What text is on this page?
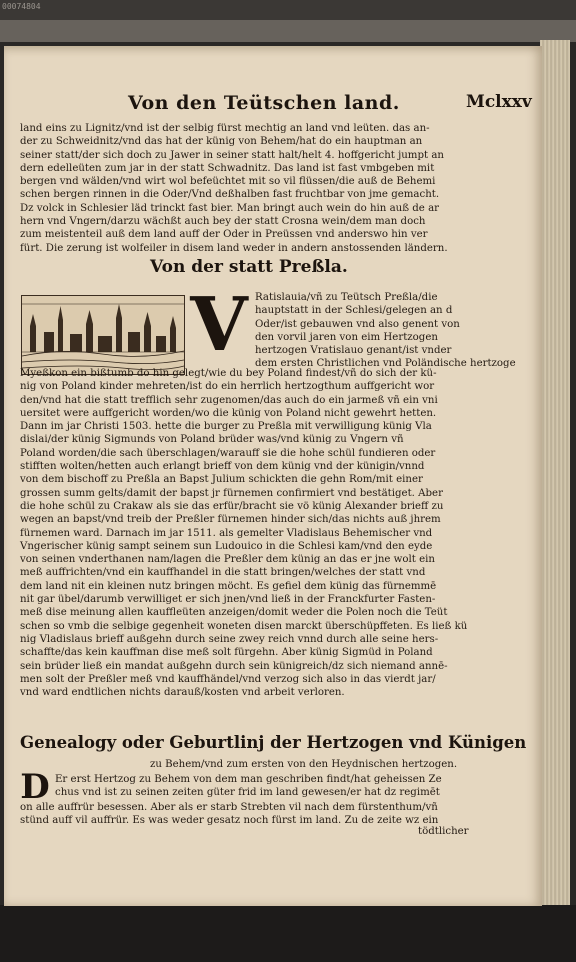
00074804
Von den Teütschen land.	Mclxxv
land eins zu Lignitz/vnd ist der selbig fürst mechtig an land vnd leüten. das an-
der zu Schweidnitz/vnd das hat der künig von Behem/hat do ein hauptman an
seiner statt/der sich doch zu Jawer in seiner statt halt/helt 4. hoffgericht jumpt an
dern edelleüten zum jar in der statt Schwadnitz. Das land ist fast vmbgeben mit
bergen vnd wälden/vnd wirt wol befeüchtet mit so vil flüssen/die auß de Behemi
schen bergen rinnen in die Oder/Vnd deßhalben fast fruchtbar von jme gemacht.
Dz volck in Schlesier läd trinckt fast bier. Man bringt auch wein do hin auß de ar
hern vnd Vngern/darzu wächßt auch bey der statt Crosna wein/dem man doch
zum meistenteil auß dem land auff der Oder in Preüssen vnd anderswo hin ver
fürt. Die zerung ist wolfeiler in disem land weder in andern anstossenden ländern.
Von der statt Preßla.
V Ratislauia/vñ zu Teütsch Preßla/die
hauptstatt in der Schlesi/gelegen an d
Oder/ist gebauwen vnd also genent von
den vorvil jaren von eim Hertzogen
hertzogen Vratislauo genant/ist vnder
dem ersten Christlichen vnd Poländische hertzoge
Myeßkon ein bißtumb do hin gelegt/wie du bey Poland findest/vñ do sich der kü-
nig von Poland kinder mehreten/ist do ein herrlich hertzogthum auffgericht wor
den/vnd hat die statt trefflich sehr zugenomen/das auch do ein jarmeß vñ ein vni
uersitet were auffgericht worden/wo die künig von Poland nicht gewehrt hetten.
Dann im jar Christi 1503. hette die burger zu Preßla mit verwilligung künig Vla
dislai/der künig Sigmunds von Poland brüder was/vnd künig zu Vngern vñ
Poland worden/die sach überschlagen/warauff sie die hohe schül fundieren oder
stifften wolten/hetten auch erlangt brieff von dem künig vnd der künigin/vnnd
von dem bischoff zu Preßla an Bapst Julium schickten die gehn Rom/mit einer
grossen summ gelts/damit der bapst jr fürnemen confirmiert vnd bestätiget. Aber
die hohe schül zu Crakaw als sie das erfür/bracht sie vö künig Alexander brieff zu
wegen an bapst/vnd treib der Preßler fürnemen hinder sich/das nichts auß jhrem
fürnemen ward. Darnach im jar 1511. als gemelter Vladislaus Behemischer vnd
Vngerischer künig sampt seinem sun Ludouico in die Schlesi kam/vnd den eyde
von seinen vnderthanen nam/lagen die Preßler dem künig an das er jne wolt ein
meß auffrichten/vnd ein kauffhandel in die statt bringen/welches der statt vnd
dem land nit ein kleinen nutz bringen möcht. Es gefiel dem künig das fürnemmē
nit gar übel/darumb verwilliget er sich jnen/vnd ließ in der Franckfurter Fasten-
meß dise meinung allen kauffleüten anzeigen/domit weder die Polen noch die Teüt
schen so vmb die selbige gegenheit woneten disen marckt überschüpffeten. Es ließ kü
nig Vladislaus brieff außgehn durch seine zwey reich vnnd durch alle seine hers-
schaffte/das kein kauffman dise meß solt fürgehn. Aber künig Sigmüd in Poland
sein brüder ließ ein mandat außgehn durch sein künigreich/dz sich niemand annē-
men solt der Preßler meß vnd kauffhändel/vnd verzog sich also in das vierdt jar/
vnd ward endtlichen nichts darauß/kosten vnd arbeit verloren.
Genealogy oder Geburtlinj der Hertzogen vnd Künigen
zu Behem/vnd zum ersten von den Heydnischen hertzogen.
D Er erst Hertzog zu Behem von dem man geschriben findt/hat geheissen Ze
chus vnd ist zu seinen zeiten güter frid im land gewesen/er hat dz regimēt
on alle auffrür besessen. Aber als er starb Strebten vil nach dem fürstenthum/vñ
stünd auff vil auffrür. Es was weder gesatz noch fürst im land. Zu de zeite wz ein
tödtlicher
